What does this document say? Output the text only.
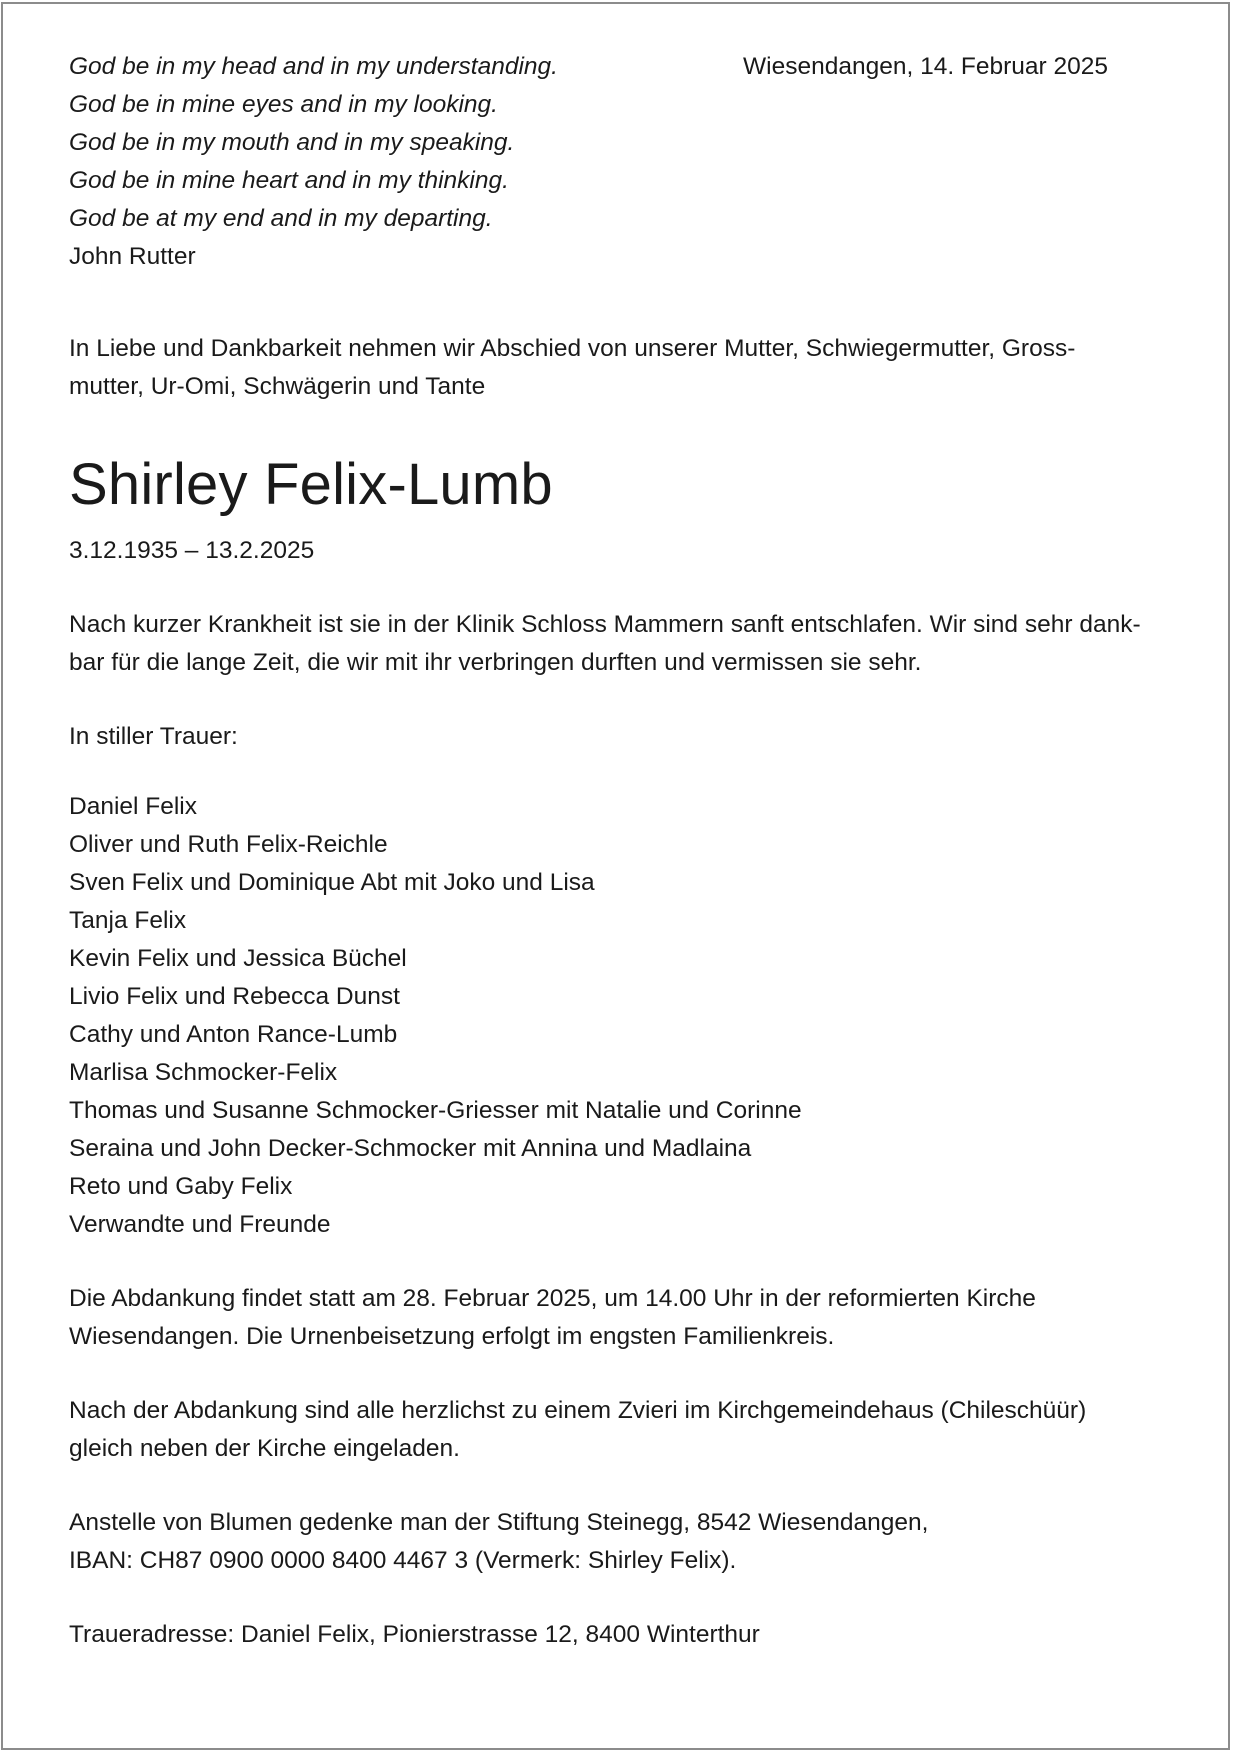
God be in my head and in my understanding.
God be in mine eyes and in my looking.
God be in my mouth and in my speaking.
God be in mine heart and in my thinking.
God be at my end and in my departing.
Wiesendangen, 14. Februar 2025
John Rutter
In Liebe und Dankbarkeit nehmen wir Abschied von unserer Mutter, Schwiegermutter, Gross-
mutter, Ur-Omi, Schwägerin und Tante
Shirley Felix-Lumb
3.12.1935 – 13.2.2025
Nach kurzer Krankheit ist sie in der Klinik Schloss Mammern sanft entschlafen. Wir sind sehr dank-
bar für die lange Zeit, die wir mit ihr verbringen durften und vermissen sie sehr.
In stiller Trauer:
Daniel Felix
Oliver und Ruth Felix-Reichle
Sven Felix und Dominique Abt mit Joko und Lisa
Tanja Felix
Kevin Felix und Jessica Büchel
Livio Felix und Rebecca Dunst
Cathy und Anton Rance-Lumb
Marlisa Schmocker-Felix
Thomas und Susanne Schmocker-Griesser mit Natalie und Corinne
Seraina und John Decker-Schmocker mit Annina und Madlaina
Reto und Gaby Felix
Verwandte und Freunde
Die Abdankung findet statt am 28. Februar 2025, um 14.00 Uhr in der reformierten Kirche
Wiesendangen. Die Urnenbeisetzung erfolgt im engsten Familienkreis.
Nach der Abdankung sind alle herzlichst zu einem Zvieri im Kirchgemeindehaus (Chileschüür)
gleich neben der Kirche eingeladen.
Anstelle von Blumen gedenke man der Stiftung Steinegg, 8542 Wiesendangen,
IBAN: CH87 0900 0000 8400 4467 3 (Vermerk: Shirley Felix).
Traueradresse: Daniel Felix, Pionierstrasse 12, 8400 Winterthur
